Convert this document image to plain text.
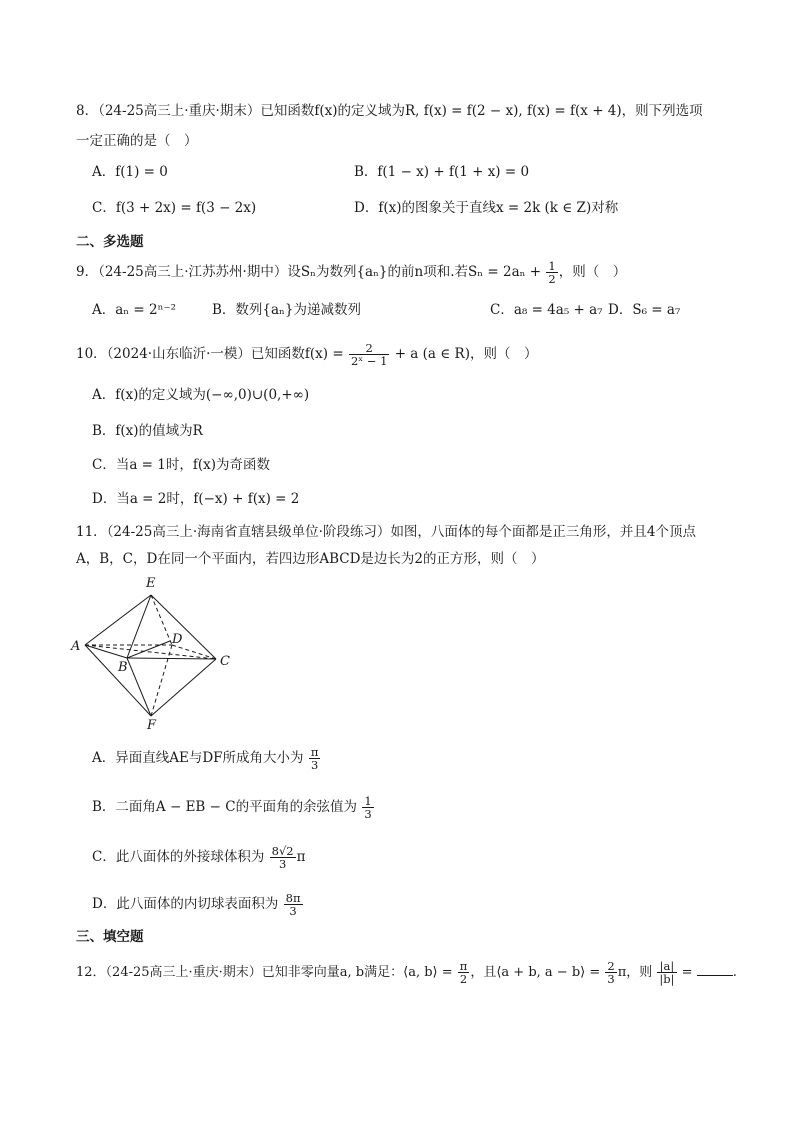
8．（24-25高三上·重庆·期末）已知函数f(x)的定义域为R, f(x) = f(2 − x), f(x) = f(x + 4)，则下列选项
一定正确的是（　）
A．f(1) = 0	B．f(1 − x) + f(1 + x) = 0
C．f(3 + 2x) = f(3 − 2x)	D．f(x)的图象关于直线x = 2k (k ∈ Z)对称
二、多选题
9．（24-25高三上·江苏苏州·期中）设Sₙ为数列{aₙ}的前n项和.若$S_n = 2a_n + \frac{1}{2}$ ，则（　）
A．aₙ = 2ⁿ⁻²	B．数列{aₙ}为递减数列	C．a₈ = 4a₅ + a₇ D．S₆ = a₇
10．（2024·山东临沂·一模）已知函数$f(x) = \frac{2}{\text{2ˣ − 1}} + a$ (a ∈ R)，则（　）
A．f(x)的定义域为(−∞,0)∪(0,+∞)
B．f(x)的值域为R
C．当a = 1时，f(x)为奇函数
D．当a = 2时，f(−x) + f(x) = 2
11．（24-25高三上·海南省直辖县级单位·阶段练习）如图，八面体的每个面都是正三角形，并且4个顶点
A，B，C，D在同一个平面内，若四边形ABCD是边长为2的正方形，则（　）
E
A	D
B	C
F
A．异面直线AE与DF所成角大小为 $\frac{\pi}{3}$
B．二面角A − EB − C的平面角的余弦值为 $\frac{1}{3}$
C．此八面体的外接球体积为 $\frac{8√2}{3}$ π
D．此八面体的内切球表面积为 $\frac{8\pi}{3}$
三、填空题
12．（24-25高三上·重庆·期末）已知非零向量a, b满足：⟨a, b⟩ = $\frac{\pi}{2}$ ，且⟨a + b, a − b⟩ = $\frac{2}{3}$ π，则 $\frac{|a|}{|b|}$ =	.
